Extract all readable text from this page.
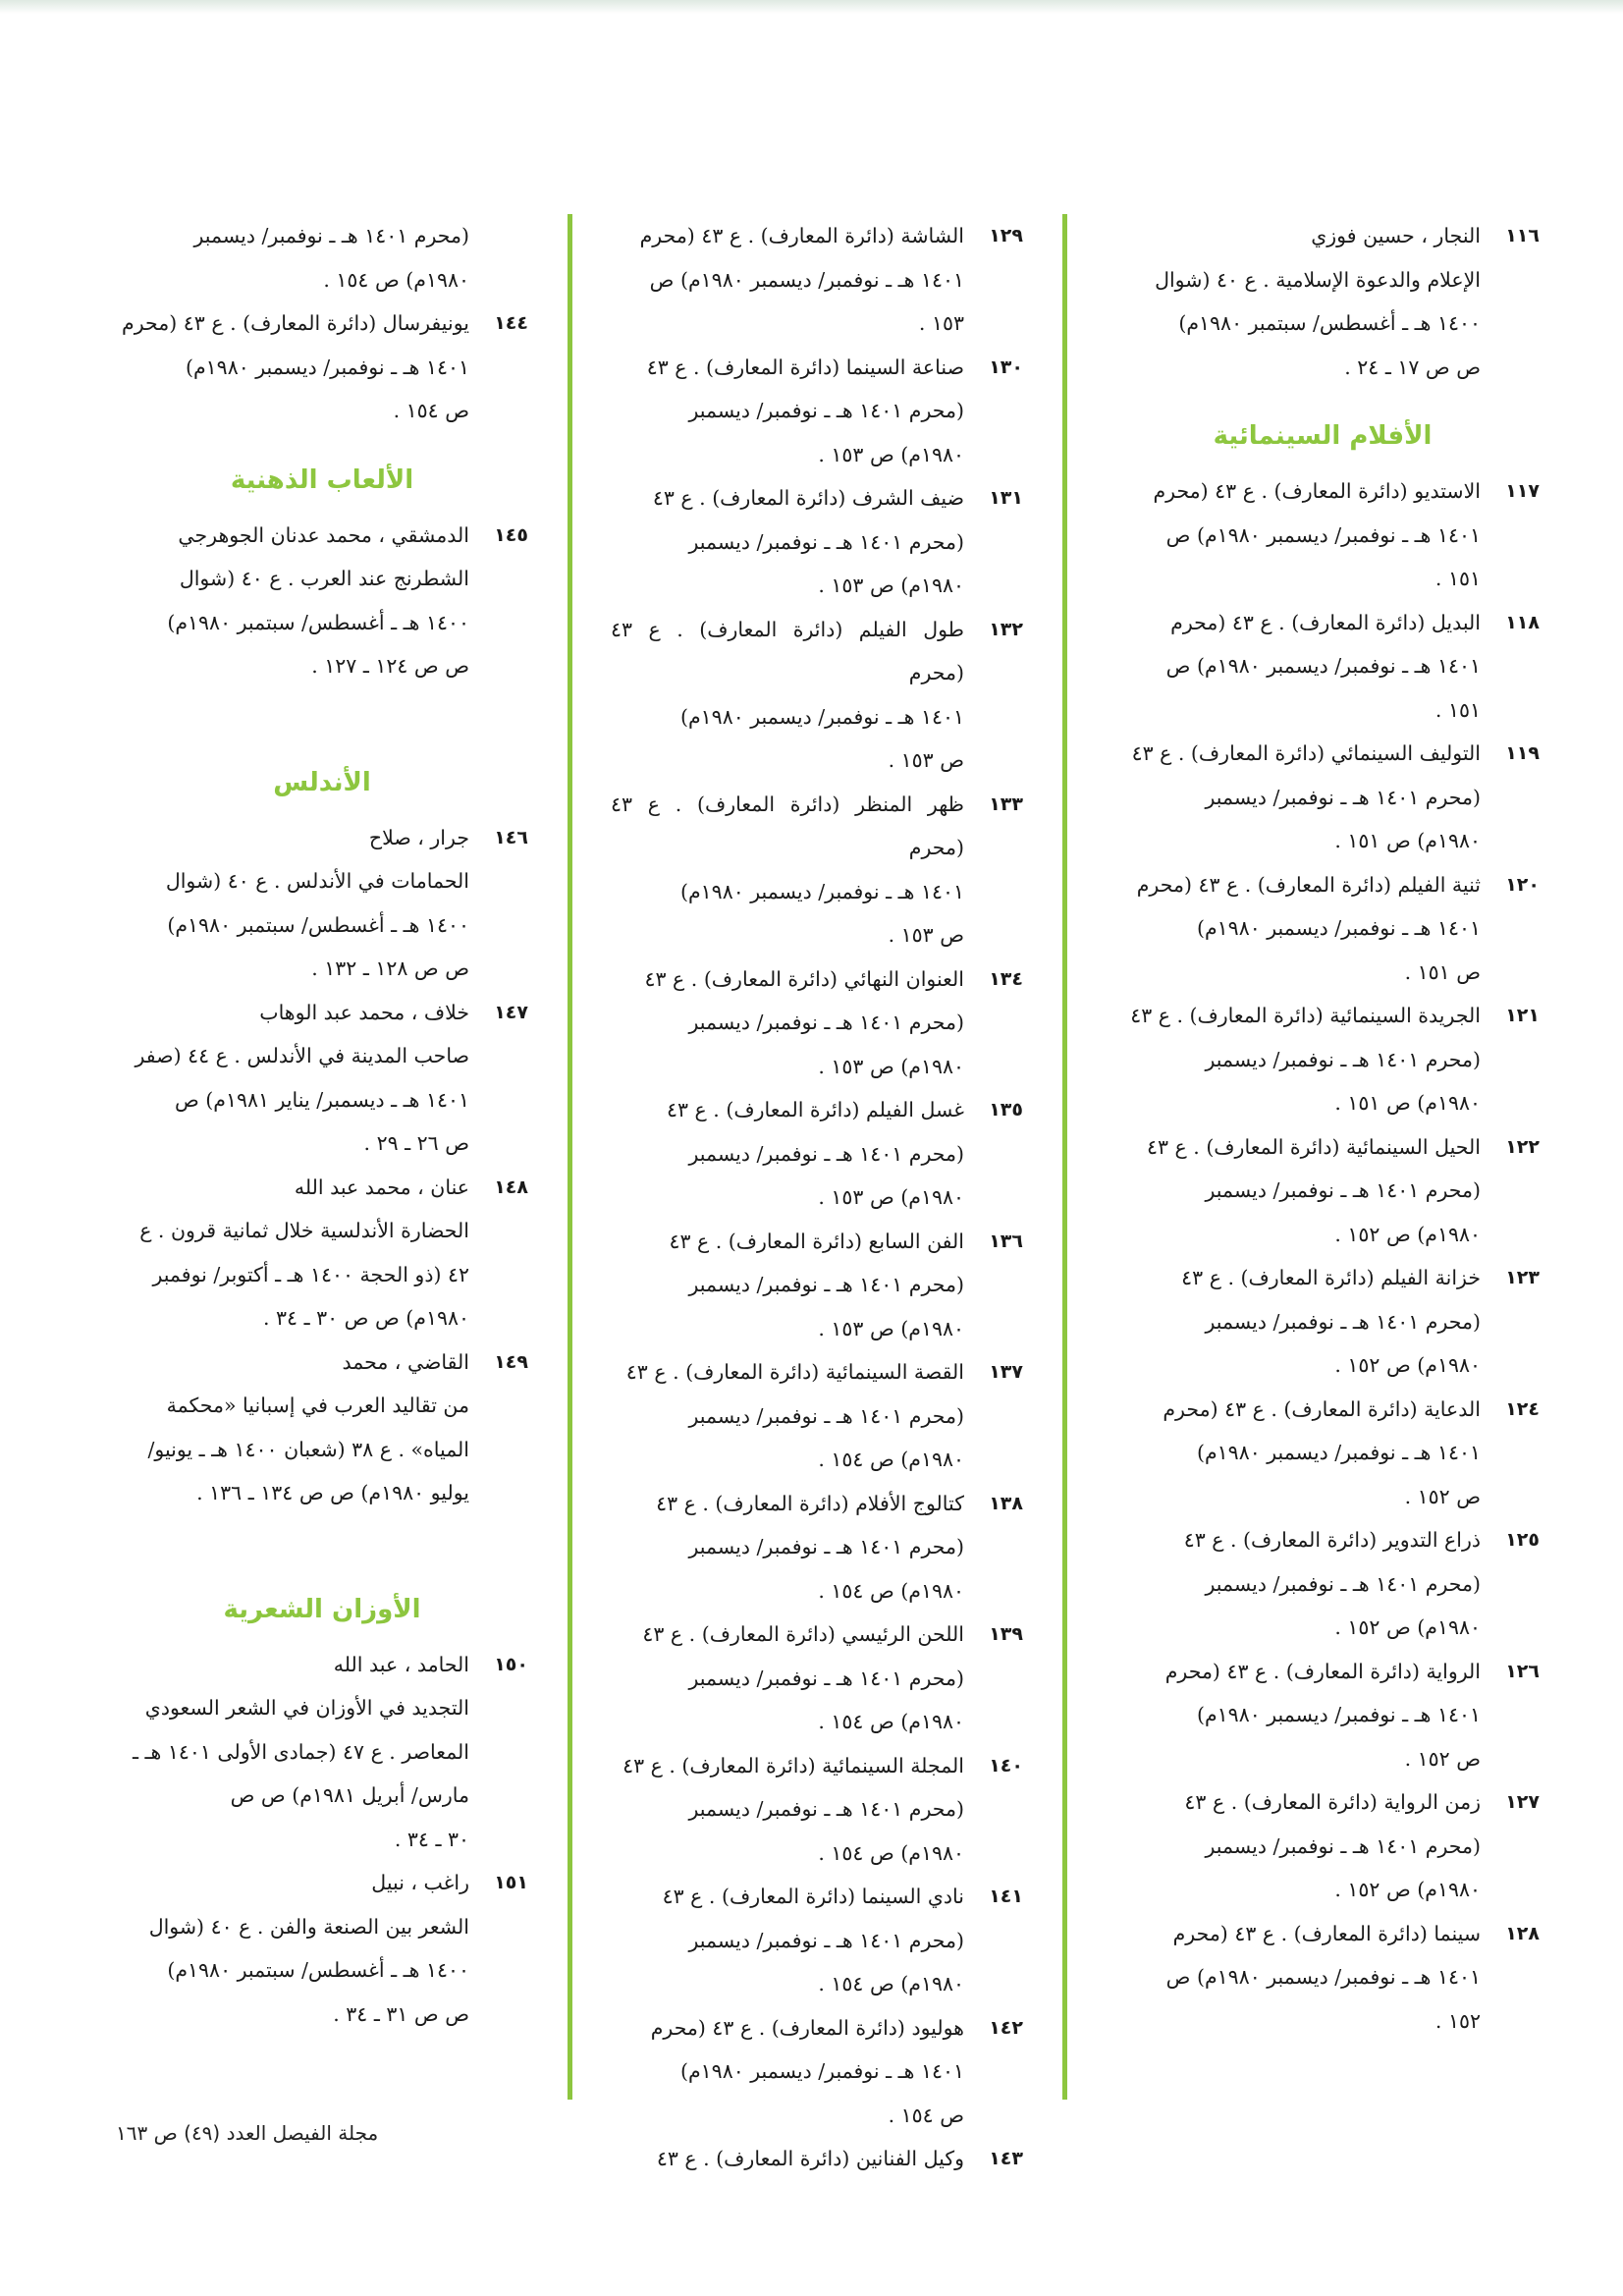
١١٦
النجار ، حسين فوزي
الإعلام والدعوة الإسلامية . ع ٤٠ (شوال
١٤٠٠ هـ ـ أغسطس/ سبتمبر ١٩٨٠م)
ص ص ١٧ ـ ٢٤ .
الأفلام السينمائية
١١٧
الاستديو (دائرة المعارف) . ع ٤٣ (محرم
١٤٠١ هـ ـ نوفمبر/ ديسمبر ١٩٨٠م) ص
١٥١ .
١١٨
البديل (دائرة المعارف) . ع ٤٣ (محرم
١٤٠١ هـ ـ نوفمبر/ ديسمبر ١٩٨٠م) ص
١٥١ .
١١٩
التوليف السينمائي (دائرة المعارف) . ع ٤٣
(محرم ١٤٠١ هـ ـ نوفمبر/ ديسمبر
١٩٨٠م) ص ١٥١ .
١٢٠
ثنية الفيلم (دائرة المعارف) . ع ٤٣ (محرم
١٤٠١ هـ ـ نوفمبر/ ديسمبر ١٩٨٠م)
ص ١٥١ .
١٢١
الجريدة السينمائية (دائرة المعارف) . ع ٤٣
(محرم ١٤٠١ هـ ـ نوفمبر/ ديسمبر
١٩٨٠م) ص ١٥١ .
١٢٢
الحيل السينمائية (دائرة المعارف) . ع ٤٣
(محرم ١٤٠١ هـ ـ نوفمبر/ ديسمبر
١٩٨٠م) ص ١٥٢ .
١٢٣
خزانة الفيلم (دائرة المعارف) . ع ٤٣
(محرم ١٤٠١ هـ ـ نوفمبر/ ديسمبر
١٩٨٠م) ص ١٥٢ .
١٢٤
الدعاية (دائرة المعارف) . ع ٤٣ (محرم
١٤٠١ هـ ـ نوفمبر/ ديسمبر ١٩٨٠م)
ص ١٥٢ .
١٢٥
ذراع التدوير (دائرة المعارف) . ع ٤٣
(محرم ١٤٠١ هـ ـ نوفمبر/ ديسمبر
١٩٨٠م) ص ١٥٢ .
١٢٦
الرواية (دائرة المعارف) . ع ٤٣ (محرم
١٤٠١ هـ ـ نوفمبر/ ديسمبر ١٩٨٠م)
ص ١٥٢ .
١٢٧
زمن الرواية (دائرة المعارف) . ع ٤٣
(محرم ١٤٠١ هـ ـ نوفمبر/ ديسمبر
١٩٨٠م) ص ١٥٢ .
١٢٨
سينما (دائرة المعارف) . ع ٤٣ (محرم
١٤٠١ هـ ـ نوفمبر/ ديسمبر ١٩٨٠م) ص
١٥٢ .
١٢٩
الشاشة (دائرة المعارف) . ع ٤٣ (محرم
١٤٠١ هـ ـ نوفمبر/ ديسمبر ١٩٨٠م) ص
١٥٣ .
١٣٠
صناعة السينما (دائرة المعارف) . ع ٤٣
(محرم ١٤٠١ هـ ـ نوفمبر/ ديسمبر
١٩٨٠م) ص ١٥٣ .
١٣١
ضيف الشرف (دائرة المعارف) . ع ٤٣
(محرم ١٤٠١ هـ ـ نوفمبر/ ديسمبر
١٩٨٠م) ص ١٥٣ .
١٣٢
طول الفيلم (دائرة المعارف) . ع ٤٣ (محرم
١٤٠١ هـ ـ نوفمبر/ ديسمبر ١٩٨٠م)
ص ١٥٣ .
١٣٣
ظهر المنظر (دائرة المعارف) . ع ٤٣ (محرم
١٤٠١ هـ ـ نوفمبر/ ديسمبر ١٩٨٠م)
ص ١٥٣ .
١٣٤
العنوان النهائي (دائرة المعارف) . ع ٤٣
(محرم ١٤٠١ هـ ـ نوفمبر/ ديسمبر
١٩٨٠م) ص ١٥٣ .
١٣٥
غسل الفيلم (دائرة المعارف) . ع ٤٣
(محرم ١٤٠١ هـ ـ نوفمبر/ ديسمبر
١٩٨٠م) ص ١٥٣ .
١٣٦
الفن السابع (دائرة المعارف) . ع ٤٣
(محرم ١٤٠١ هـ ـ نوفمبر/ ديسمبر
١٩٨٠م) ص ١٥٣ .
١٣٧
القصة السينمائية (دائرة المعارف) . ع ٤٣
(محرم ١٤٠١ هـ ـ نوفمبر/ ديسمبر
١٩٨٠م) ص ١٥٤ .
١٣٨
كتالوج الأفلام (دائرة المعارف) . ع ٤٣
(محرم ١٤٠١ هـ ـ نوفمبر/ ديسمبر
١٩٨٠م) ص ١٥٤ .
١٣٩
اللحن الرئيسي (دائرة المعارف) . ع ٤٣
(محرم ١٤٠١ هـ ـ نوفمبر/ ديسمبر
١٩٨٠م) ص ١٥٤ .
١٤٠
المجلة السينمائية (دائرة المعارف) . ع ٤٣
(محرم ١٤٠١ هـ ـ نوفمبر/ ديسمبر
١٩٨٠م) ص ١٥٤ .
١٤١
نادي السينما (دائرة المعارف) . ع ٤٣
(محرم ١٤٠١ هـ ـ نوفمبر/ ديسمبر
١٩٨٠م) ص ١٥٤ .
١٤٢
هوليود (دائرة المعارف) . ع ٤٣ (محرم
١٤٠١ هـ ـ نوفمبر/ ديسمبر ١٩٨٠م)
ص ١٥٤ .
١٤٣
وكيل الفنانين (دائرة المعارف) . ع ٤٣
(محرم ١٤٠١ هـ ـ نوفمبر/ ديسمبر
١٩٨٠م) ص ١٥٤ .
١٤٤
يونيفرسال (دائرة المعارف) . ع ٤٣ (محرم
١٤٠١ هـ ـ نوفمبر/ ديسمبر ١٩٨٠م)
ص ١٥٤ .
الألعاب الذهنية
١٤٥
الدمشقي ، محمد عدنان الجوهرجي
الشطرنج عند العرب . ع ٤٠ (شوال
١٤٠٠ هـ ـ أغسطس/ سبتمبر ١٩٨٠م)
ص ص ١٢٤ ـ ١٢٧ .
الأندلس
١٤٦
جرار ، صلاح
الحمامات في الأندلس . ع ٤٠ (شوال
١٤٠٠ هـ ـ أغسطس/ سبتمبر ١٩٨٠م)
ص ص ١٢٨ ـ ١٣٢ .
١٤٧
خلاف ، محمد عبد الوهاب
صاحب المدينة في الأندلس . ع ٤٤ (صفر
١٤٠١ هـ ـ ديسمبر/ يناير ١٩٨١م) ص
ص ٢٦ ـ ٢٩ .
١٤٨
عنان ، محمد عبد الله
الحضارة الأندلسية خلال ثمانية قرون . ع
٤٢ (ذو الحجة ١٤٠٠ هـ ـ أكتوبر/ نوفمبر
١٩٨٠م) ص ص ٣٠ ـ ٣٤ .
١٤٩
القاضي ، محمد
من تقاليد العرب في إسبانيا «محكمة
المياه» . ع ٣٨ (شعبان ١٤٠٠ هـ ـ يونيو/
يوليو ١٩٨٠م) ص ص ١٣٤ ـ ١٣٦ .
الأوزان الشعرية
١٥٠
الحامد ، عبد الله
التجديد في الأوزان في الشعر السعودي
المعاصر . ع ٤٧ (جمادى الأولى ١٤٠١ هـ ـ
مارس/ أبريل ١٩٨١م) ص ص
٣٠ ـ ٣٤ .
١٥١
راغب ، نبيل
الشعر بين الصنعة والفن . ع ٤٠ (شوال
١٤٠٠ هـ ـ أغسطس/ سبتمبر ١٩٨٠م)
ص ص ٣١ ـ ٣٤ .
مجلة الفيصل العدد (٤٩) ص ١٦٣
